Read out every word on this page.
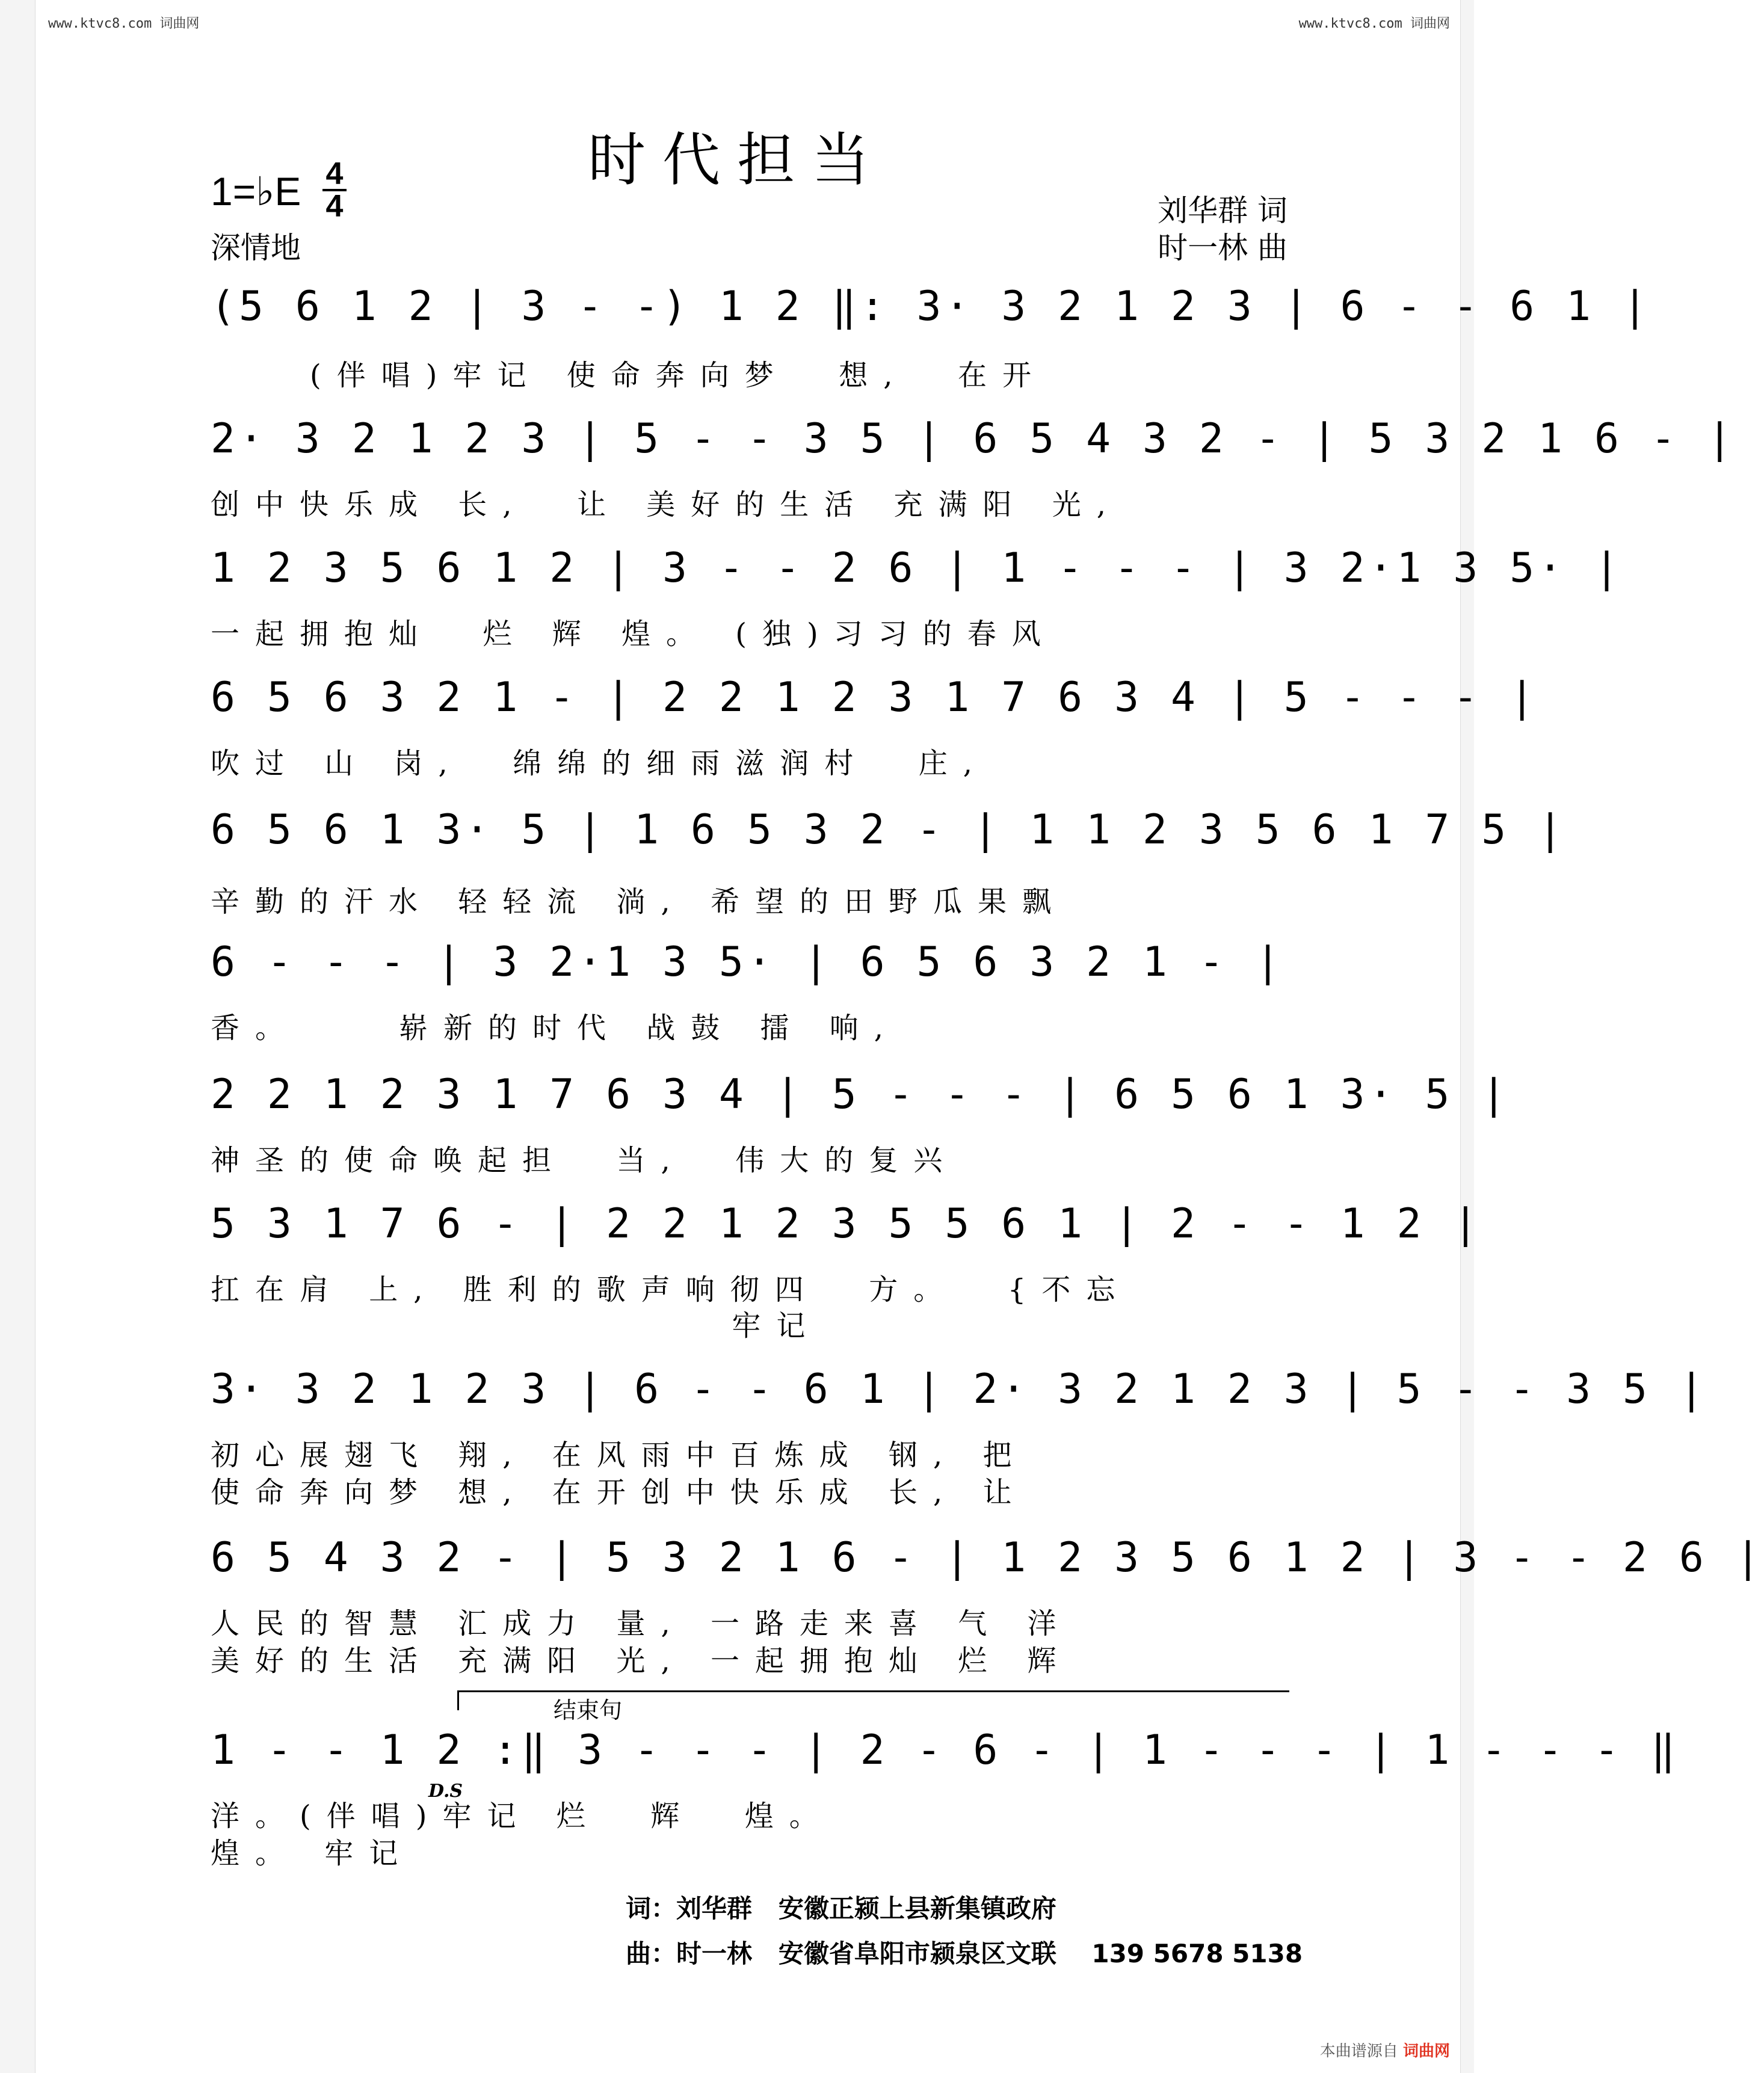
www.ktvc8.com 词曲网	www.ktvc8.com 词曲网
时代担当
1=♭E 4
4
深情地
刘华群 词
时一林 曲
(5 6 1 2 | 3 - -) 1 2 ‖: 3· 3 2 1 2 3 | 6 - - 6 1 |
(伴唱)牢记 使命奔向梦  想,  在开
2· 3 2 1 2 3 | 5 - - 3 5 | 6 5 4 3 2 - | 5 3 2 1 6 - |
创中快乐成 长,  让 美好的生活 充满阳 光,
1 2 3 5 6 1 2 | 3 - - 2 6 | 1 - - - | 3 2·1 3 5· |
一起拥抱灿  烂 辉 煌。 (独)习习的春风
6 5 6 3 2 1 - | 2 2 1 2 3 1 7 6 3 4 | 5 - - - |
吹过 山 岗,  绵绵的细雨滋润村  庄,
6 5 6 1 3· 5 | 1 6 5 3 2 - | 1 1 2 3 5 6 1 7 5 |
辛勤的汗水 轻轻流 淌, 希望的田野瓜果飘
6 - - - | 3 2·1 3 5· | 6 5 6 3 2 1 - |
香。    崭新的时代 战鼓 擂 响,
2 2 1 2 3 1 7 6 3 4 | 5 - - - | 6 5 6 1 3· 5 |
神圣的使命唤起担  当,  伟大的复兴
5 3 1 7 6 - | 2 2 1 2 3 5 5 6 1 | 2 - - 1 2 |
扛在肩 上, 胜利的歌声响彻四  方。  {不忘
牢记
3· 3 2 1 2 3 | 6 - - 6 1 | 2· 3 2 1 2 3 | 5 - - 3 5 |
初心展翅飞 翔, 在风雨中百炼成 钢, 把
使命奔向梦 想, 在开创中快乐成 长, 让
6 5 4 3 2 - | 5 3 2 1 6 - | 1 2 3 5 6 1 2 | 3 - - 2 6 |
人民的智慧 汇成力 量, 一路走来喜 气 洋
美好的生活 充满阳 光, 一起拥抱灿 烂 辉
结束句
1 - - 1 2 :‖ 3 - - - | 2 - 6 - | 1 - - - | 1 - - - ‖
D.S
洋。(伴唱)牢记 烂  辉  煌。
煌。 牢记
词：刘华群   安徽正颍上县新集镇政府
曲：时一林   安徽省阜阳市颍泉区文联    139 5678 5138
本曲谱源自 词曲网
